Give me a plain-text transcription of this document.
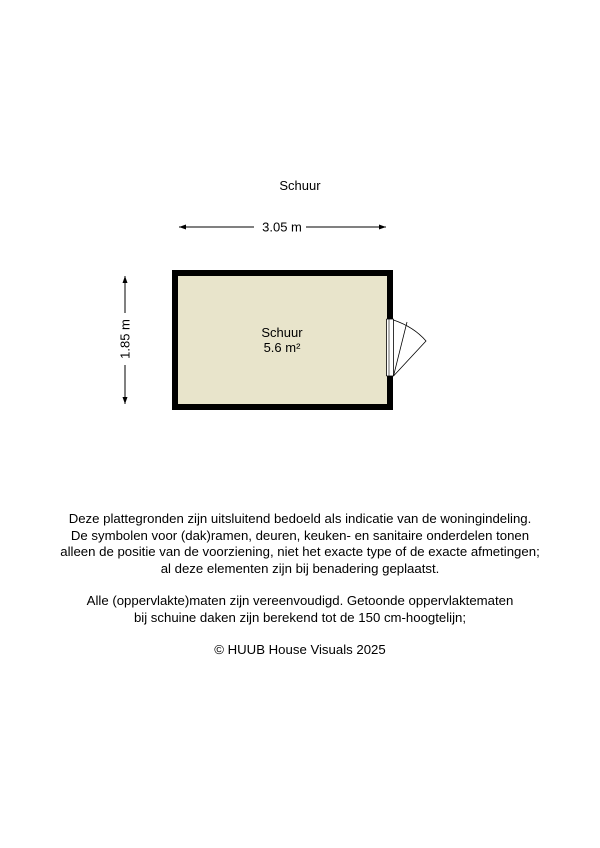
Schuur
3.05 m
1.85 m	Schuur
5.6 m²
Deze plattegronden zijn uitsluitend bedoeld als indicatie van de woningindeling.
De symbolen voor (dak)ramen, deuren, keuken- en sanitaire onderdelen tonen
alleen de positie van de voorziening, niet het exacte type of de exacte afmetingen;
al deze elementen zijn bij benadering geplaatst.
Alle (oppervlakte)maten zijn vereenvoudigd. Getoonde oppervlaktematen
bij schuine daken zijn berekend tot de 150 cm-hoogtelijn;
© HUUB House Visuals 2025
